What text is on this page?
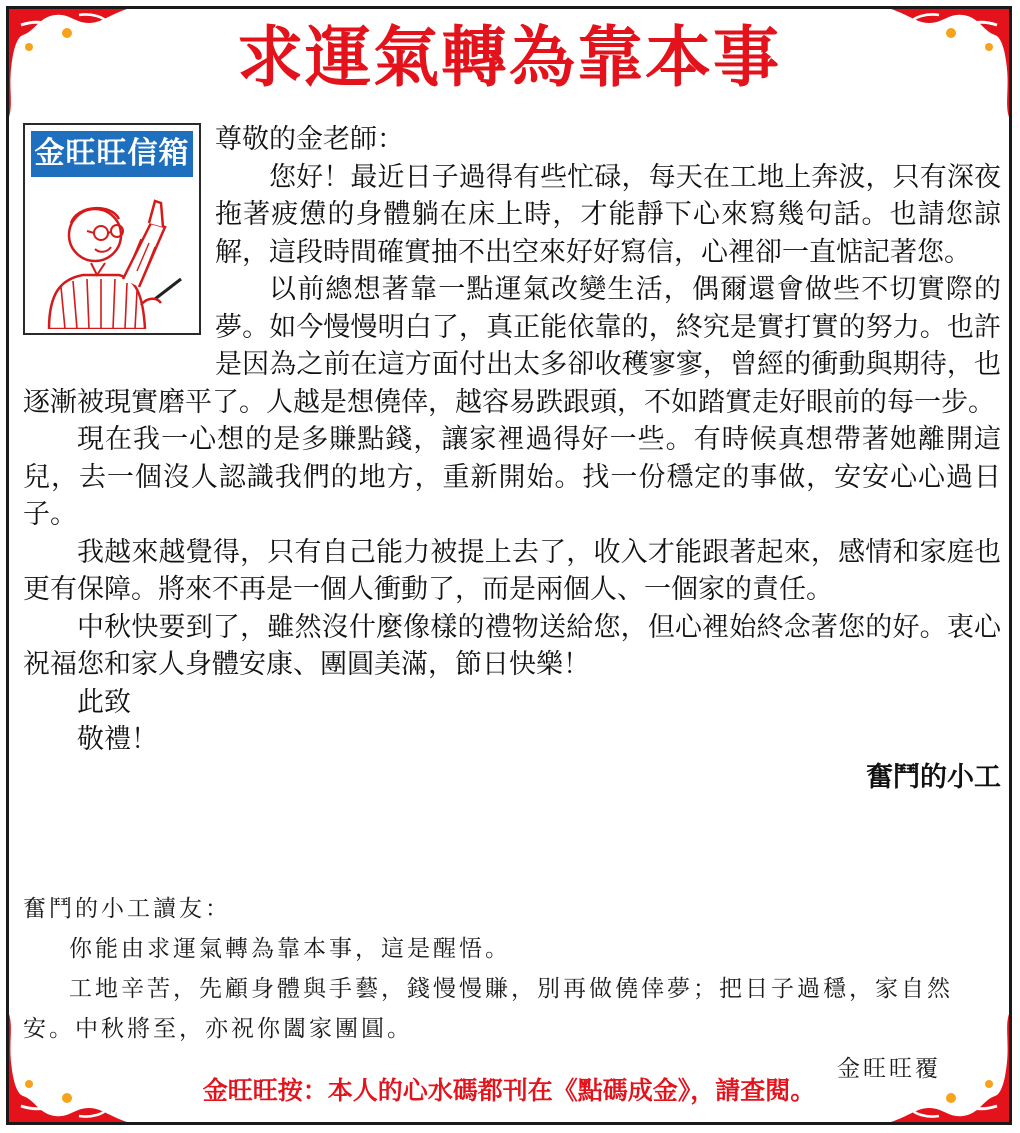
求運氣轉為靠本事

尊敬的金老師：

您好！最近日子過得有些忙碌，每天在工地上奔波，只有深夜拖著疲憊的身體躺在床上時，才能靜下心來寫幾句話。也請您諒解，這段時間確實抽不出空來好好寫信，心裡卻一直惦記著您。

以前總想著靠一點運氣改變生活，偶爾還會做些不切實際的夢。如今慢慢明白了，真正能依靠的，終究是實打實的努力。也許是因為之前在這方面付出太多卻收穫寥寥，曾經的衝動與期待，也逐漸被現實磨平了。人越是想僥倖，越容易跌跟頭，不如踏實走好眼前的每一步。

現在我一心想的是多賺點錢，讓家裡過得好一些。有時候真想帶著她離開這兒，去一個沒人認識我們的地方，重新開始。找一份穩定的事做，安安心心過日子。

我越來越覺得，只有自己能力被提上去了，收入才能跟著起來，感情和家庭也更有保障。將來不再是一個人衝動了，而是兩個人、一個家的責任。

中秋快要到了，雖然沒什麼像樣的禮物送給您，但心裡始終念著您的好。衷心祝福您和家人身體安康、團圓美滿，節日快樂！

此致

敬禮！

奮鬥的小工

金旺旺信箱

奮鬥的小工讀友：

你能由求運氣轉為靠本事，這是醒悟。

工地辛苦，先顧身體與手藝，錢慢慢賺，別再做僥倖夢；把日子過穩，家自然安。中秋將至，亦祝你闔家團圓。

金旺旺覆

金旺旺按：本人的心水碼都刊在《點碼成金》，請查閱。
